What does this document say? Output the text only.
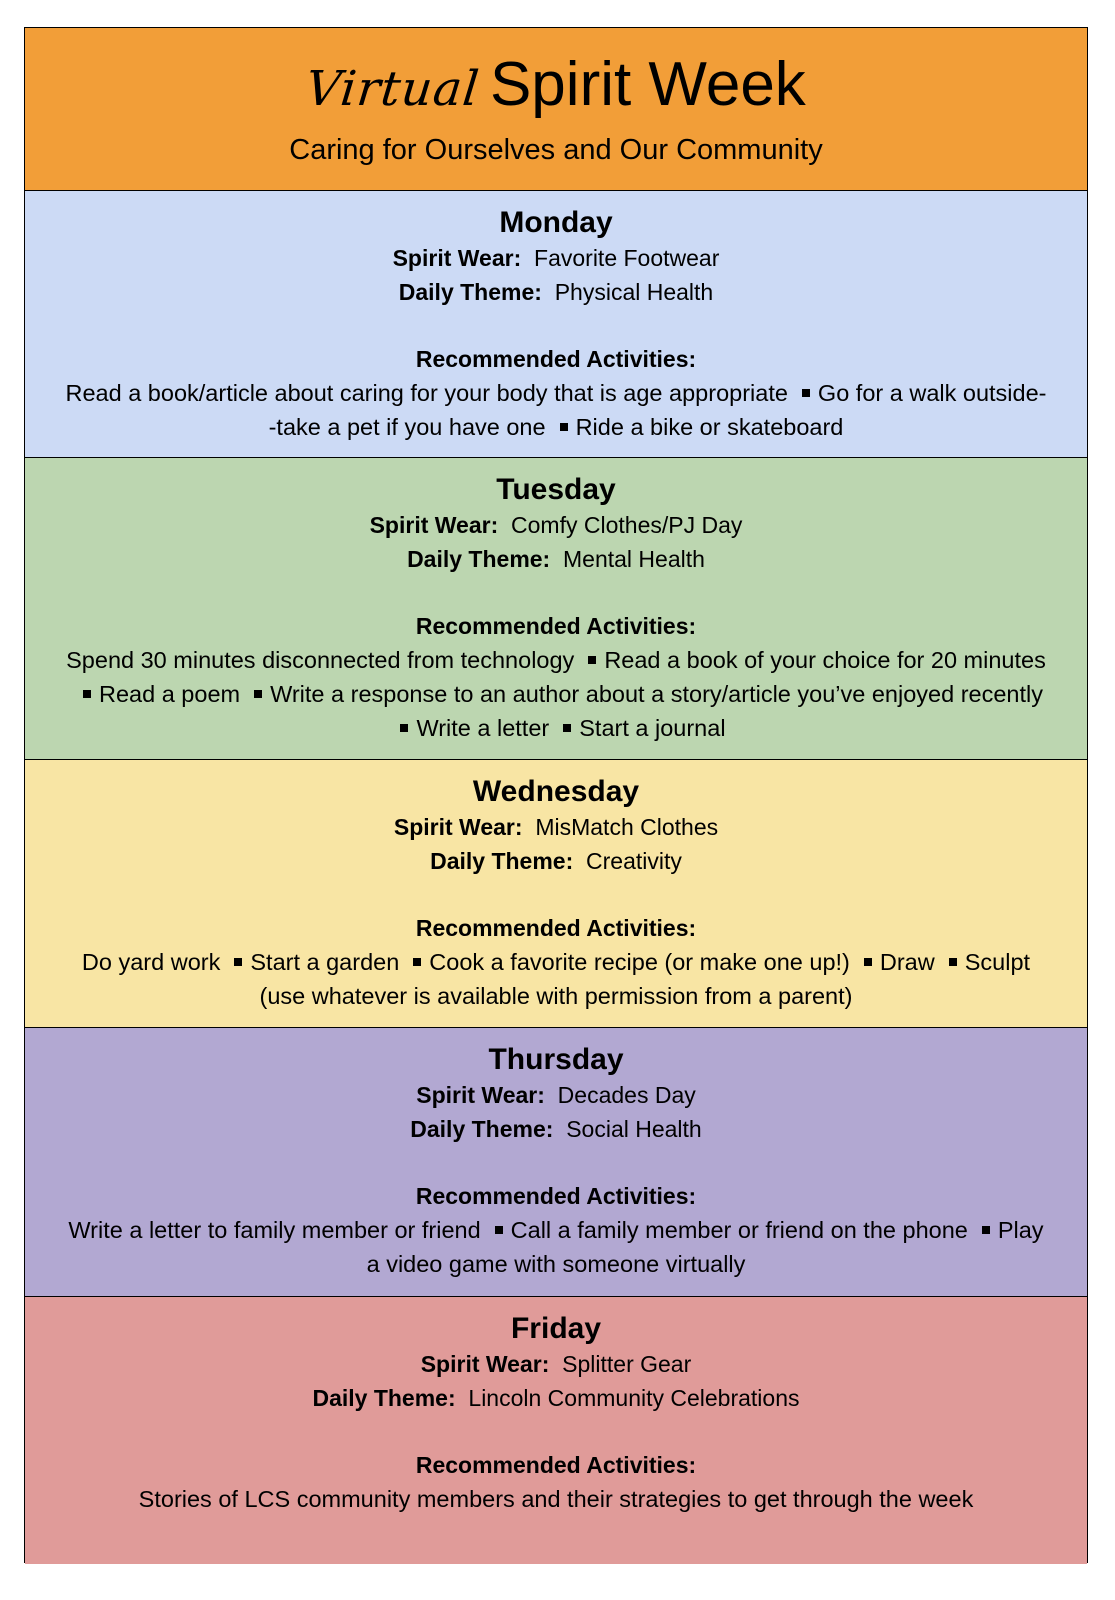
Virtual Spirit Week
Caring for Ourselves and Our Community
Monday
Spirit Wear: Favorite Footwear
Daily Theme: Physical Health
Recommended Activities:
Read a book/article about caring for your body that is age appropriate Go for a walk outside--take a pet if you have one Ride a bike or skateboard
Tuesday
Spirit Wear: Comfy Clothes/PJ Day
Daily Theme: Mental Health
Recommended Activities:
Spend 30 minutes disconnected from technology Read a book of your choice for 20 minutesRead a poem Write a response to an author about a story/article you’ve enjoyed recentlyWrite a letter Start a journal
Wednesday
Spirit Wear: MisMatch Clothes
Daily Theme: Creativity
Recommended Activities:
Do yard work Start a garden Cook a favorite recipe (or make one up!) Draw Sculpt (use whatever is available with permission from a parent)
Thursday
Spirit Wear: Decades Day
Daily Theme: Social Health
Recommended Activities:
Write a letter to family member or friend Call a family member or friend on the phone Play a video game with someone virtually
Friday
Spirit Wear: Splitter Gear
Daily Theme: Lincoln Community Celebrations
Recommended Activities:
Stories of LCS community members and their strategies to get through the week
